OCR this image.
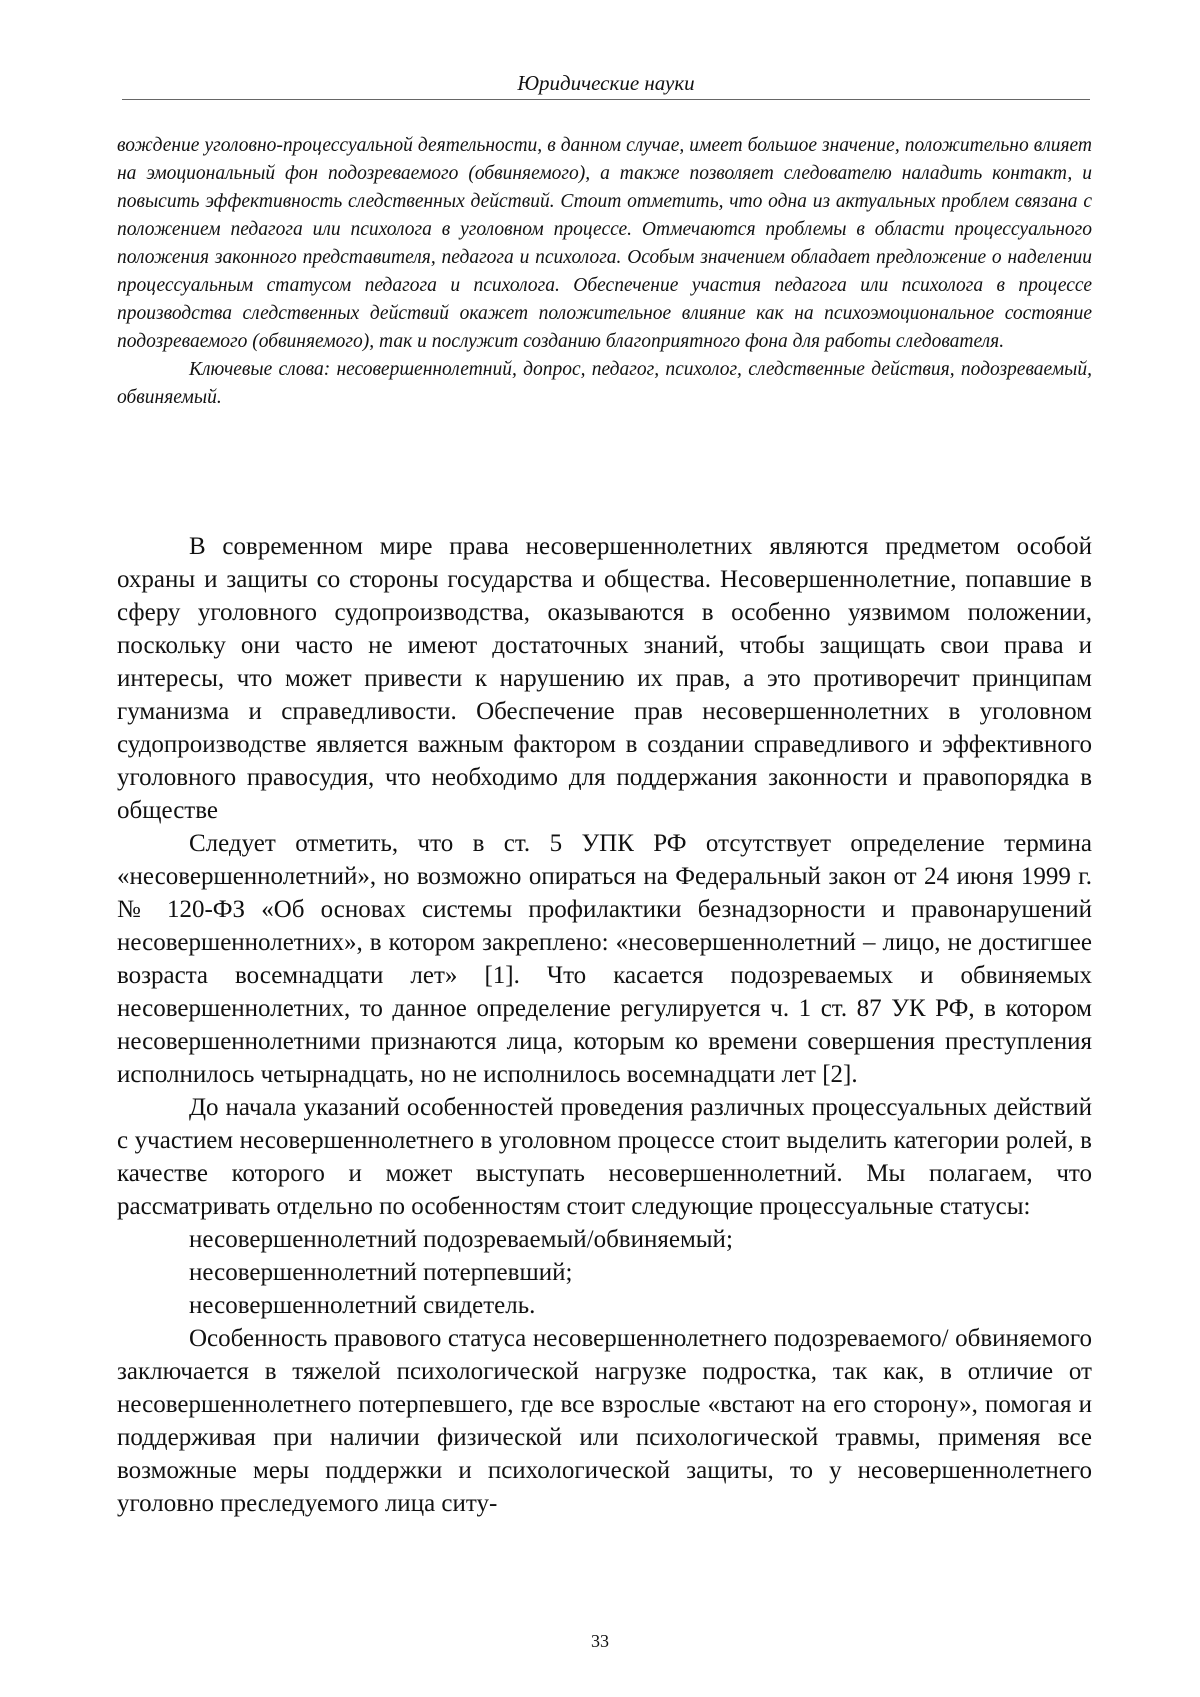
Юридические науки

вождение уголовно-процессуальной деятельности, в данном случае, имеет большое значение, положительно влияет на эмоциональный фон подозреваемого (обвиняемого), а также позволяет следователю наладить контакт, и повысить эффективность следственных действий. Стоит отметить, что одна из актуальных проблем связана с положением педагога или психолога в уголовном процессе. Отмечаются проблемы в области процессуального положения законного представителя, педагога и психолога. Особым значением обладает предложение о наделении процессуальным статусом педагога и психолога. Обеспечение участия педагога или психолога в процессе производства следственных действий окажет положительное влияние как на психоэмоциональное состояние подозреваемого (обвиняемого), так и послужит созданию благоприятного фона для работы следователя.

Ключевые слова: несовершеннолетний, допрос, педагог, психолог, следственные действия, подозреваемый, обвиняемый.

В современном мире права несовершеннолетних являются предметом особой охраны и защиты со стороны государства и общества. Несовершеннолетние, попавшие в сферу уголовного судопроизводства, оказываются в особенно уязвимом положении, поскольку они часто не имеют достаточных знаний, чтобы защищать свои права и интересы, что может привести к нарушению их прав, а это противоречит принципам гуманизма и справедливости. Обеспечение прав несовершеннолетних в уголовном судопроизводстве является важным фактором в создании справедливого и эффективного уголовного правосудия, что необходимо для поддержания законности и правопорядка в обществе

Следует отметить, что в ст. 5 УПК РФ отсутствует определение термина «несовершеннолетний», но возможно опираться на Федеральный закон от 24 июня 1999 г. № 120-ФЗ «Об основах системы профилактики безнадзорности и правонарушений несовершеннолетних», в котором закреплено: «несовершеннолетний – лицо, не достигшее возраста восемнадцати лет» [1]. Что касается подозреваемых и обвиняемых несовершеннолетних, то данное определение регулируется ч. 1 ст. 87 УК РФ, в котором несовершеннолетними признаются лица, которым ко времени совершения преступления исполнилось четырнадцать, но не исполнилось восемнадцати лет [2].

До начала указаний особенностей проведения различных процессуальных действий с участием несовершеннолетнего в уголовном процессе стоит выделить категории ролей, в качестве которого и может выступать несовершеннолетний. Мы полагаем, что рассматривать отдельно по особенностям стоит следующие процессуальные статусы:

несовершеннолетний подозреваемый/обвиняемый;

несовершеннолетний потерпевший;

несовершеннолетний свидетель.

Особенность правового статуса несовершеннолетнего подозреваемого/ обвиняемого заключается в тяжелой психологической нагрузке подростка, так как, в отличие от несовершеннолетнего потерпевшего, где все взрослые «встают на его сторону», помогая и поддерживая при наличии физической или психологической травмы, применяя все возможные меры поддержки и психологической защиты, то у несовершеннолетнего уголовно преследуемого лица ситу-

33
